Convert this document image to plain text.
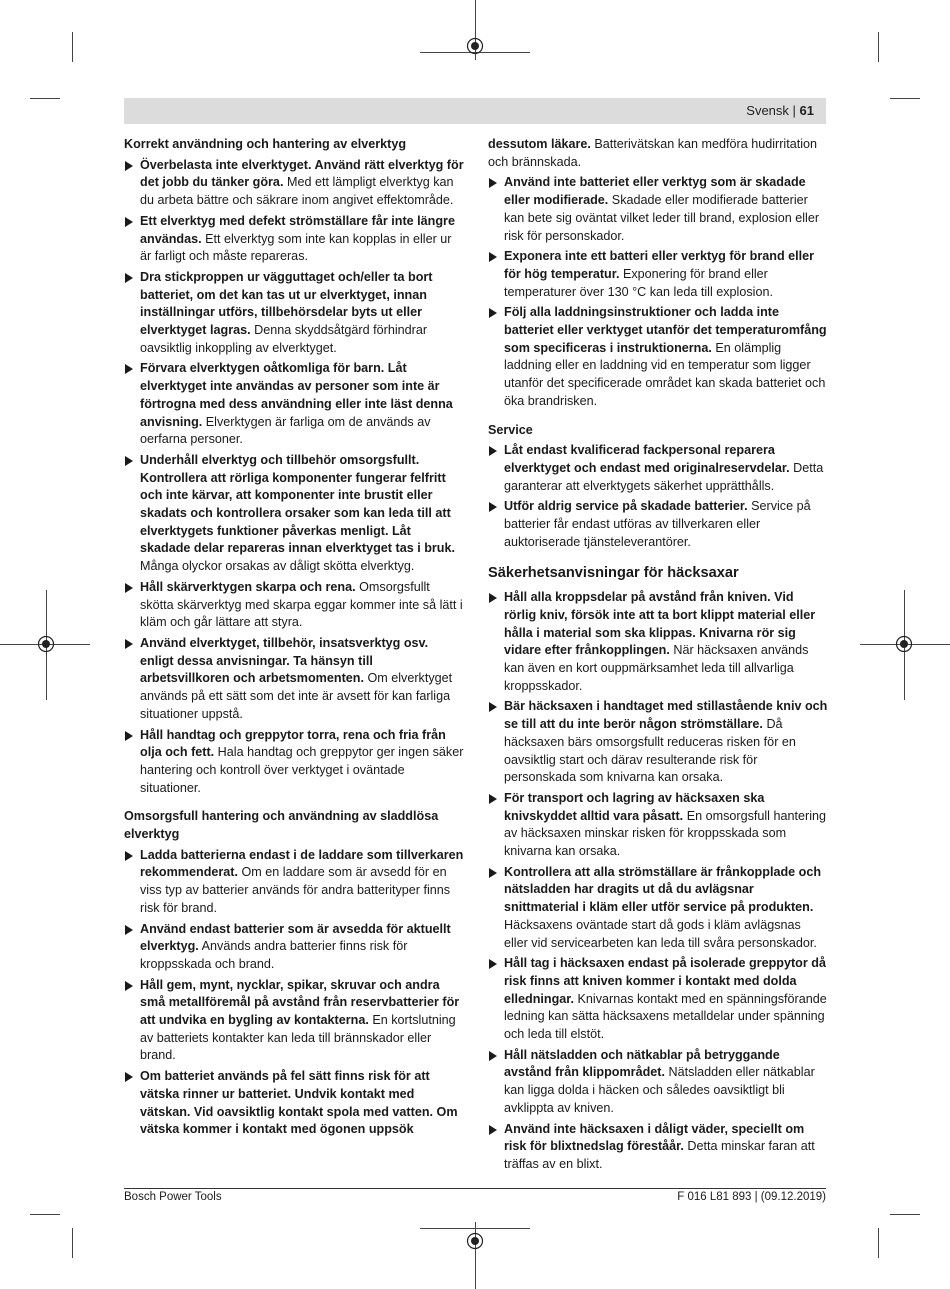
Svensk | 61
Korrekt användning och hantering av elverktyg
Överbelasta inte elverktyget. Använd rätt elverktyg för det jobb du tänker göra. Med ett lämpligt elverktyg kan du arbeta bättre och säkrare inom angivet effektområde.
Ett elverktyg med defekt strömställare får inte längre användas. Ett elverktyg som inte kan kopplas in eller ur är farligt och måste repareras.
Dra stickproppen ur vägguttaget och/eller ta bort batteriet, om det kan tas ut ur elverktyget, innan inställningar utförs, tillbehörsdelar byts ut eller elverktyget lagras. Denna skyddsåtgärd förhindrar oavsiktlig inkoppling av elverktyget.
Förvara elverktygen oåtkomliga för barn. Låt elverktyget inte användas av personer som inte är förtrogna med dess användning eller inte läst denna anvisning. Elverktygen är farliga om de används av oerfarna personer.
Underhåll elverktyg och tillbehör omsorgsfullt. Kontrollera att rörliga komponenter fungerar felfritt och inte kärvar, att komponenter inte brustit eller skadats och kontrollera orsaker som kan leda till att elverktygets funktioner påverkas menligt. Låt skadade delar repareras innan elverktyget tas i bruk. Många olyckor orsakas av dåligt skötta elverktyg.
Håll skärverktygen skarpa och rena. Omsorgsfullt skötta skärverktyg med skarpa eggar kommer inte så lätt i kläm och går lättare att styra.
Använd elverktyget, tillbehör, insatsverktyg osv. enligt dessa anvisningar. Ta hänsyn till arbetsvillkoren och arbetsmomenten. Om elverktyget används på ett sätt som det inte är avsett för kan farliga situationer uppstå.
Håll handtag och greppytor torra, rena och fria från olja och fett. Hala handtag och greppytor ger ingen säker hantering och kontroll över verktyget i oväntade situationer.
Omsorgsfull hantering och användning av sladdlösa elverktyg
Ladda batterierna endast i de laddare som tillverkaren rekommenderat. Om en laddare som är avsedd för en viss typ av batterier används för andra batterityper finns risk för brand.
Använd endast batterier som är avsedda för aktuellt elverktyg. Används andra batterier finns risk för kroppsskada och brand.
Håll gem, mynt, nycklar, spikar, skruvar och andra små metallföremål på avstånd från reservbatterier för att undvika en bygling av kontakterna. En kortslutning av batteriets kontakter kan leda till brännskador eller brand.
Om batteriet används på fel sätt finns risk för att vätska rinner ur batteriet. Undvik kontakt med vätskan. Vid oavsiktlig kontakt spola med vatten. Om vätska kommer i kontakt med ögonen uppsök
dessutom läkare. Batterivätskan kan medföra hudirritation och brännskada.
Använd inte batteriet eller verktyg som är skadade eller modifierade. Skadade eller modifierade batterier kan bete sig oväntat vilket leder till brand, explosion eller risk för personskador.
Exponera inte ett batteri eller verktyg för brand eller för hög temperatur. Exponering för brand eller temperaturer över 130 °C kan leda till explosion.
Följ alla laddningsinstruktioner och ladda inte batteriet eller verktyget utanför det temperaturomfång som specificeras i instruktionerna. En olämplig laddning eller en laddning vid en temperatur som ligger utanför det specificerade området kan skada batteriet och öka brandrisken.
Service
Låt endast kvalificerad fackpersonal reparera elverktyget och endast med originalreservdelar. Detta garanterar att elverktygets säkerhet upprätthålls.
Utför aldrig service på skadade batterier. Service på batterier får endast utföras av tillverkaren eller auktoriserade tjänsteleverantörer.
Säkerhetsanvisningar för häcksaxar
Håll alla kroppsdelar på avstånd från kniven. Vid rörlig kniv, försök inte att ta bort klippt material eller hålla i material som ska klippas. Knivarna rör sig vidare efter frånkopplingen. När häcksaxen används kan även en kort ouppmärksamhet leda till allvarliga kroppsskador.
Bär häcksaxen i handtaget med stillastående kniv och se till att du inte berör någon strömställare. Då häcksaxen bärs omsorgsfullt reduceras risken för en oavsiktlig start och därav resulterande risk för personskada som knivarna kan orsaka.
För transport och lagring av häcksaxen ska knivskyddet alltid vara påsatt. En omsorgsfull hantering av häcksaxen minskar risken för kroppsskada som knivarna kan orsaka.
Kontrollera att alla strömställare är frånkopplade och nätsladden har dragits ut då du avlägsnar snittmaterial i kläm eller utför service på produkten. Häcksaxens oväntade start då gods i kläm avlägsnas eller vid servicearbeten kan leda till svåra personskador.
Håll tag i häcksaxen endast på isolerade greppytor då risk finns att kniven kommer i kontakt med dolda elledningar. Knivarnas kontakt med en spänningsförande ledning kan sätta häcksaxens metalldelar under spänning och leda till elstöt.
Håll nätsladden och nätkablar på betryggande avstånd från klippområdet. Nätsladden eller nätkablar kan ligga dolda i häcken och således oavsiktligt bli avklippta av kniven.
Använd inte häcksaxen i dåligt väder, speciellt om risk för blixtnedslag föreståår. Detta minskar faran att träffas av en blixt.
Bosch Power Tools	F 016 L81 893 | (09.12.2019)
